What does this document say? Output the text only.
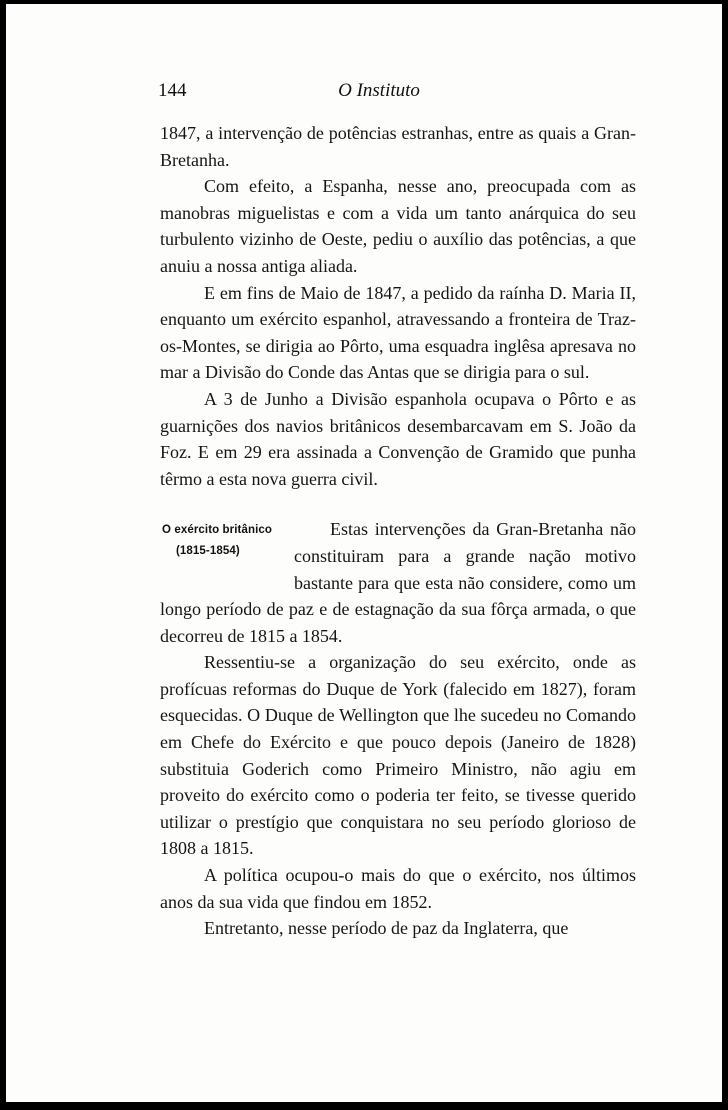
144	O Instituto

1847, a intervenção de potências estranhas, entre as quais a Gran-Bretanha.

Com efeito, a Espanha, nesse ano, preocupada com as manobras miguelistas e com a vida um tanto anárquica do seu turbulento vizinho de Oeste, pediu o auxílio das potências, a que anuiu a nossa antiga aliada.

E em fins de Maio de 1847, a pedido da raínha D. Maria II, enquanto um exército espanhol, atravessando a fronteira de Traz-os-Montes, se dirigia ao Pôrto, uma esquadra inglêsa apresava no mar a Divisão do Conde das Antas que se dirigia para o sul.

A 3 de Junho a Divisão espanhola ocupava o Pôrto e as guarnições dos navios britânicos desembarcavam em S. João da Foz. E em 29 era assinada a Convenção de Gramido que punha têrmo a esta nova guerra civil.

O exército britânico
(1815-1854)

Estas intervenções da Gran-Bretanha não constituiram para a grande nação motivo bastante para que esta não considere, como um longo período de paz e de estagnação da sua fôrça armada, o que decorreu de 1815 a 1854.

Ressentiu-se a organização do seu exército, onde as profícuas reformas do Duque de York (falecido em 1827), foram esquecidas. O Duque de Wellington que lhe sucedeu no Comando em Chefe do Exército e que pouco depois (Janeiro de 1828) substituia Goderich como Primeiro Ministro, não agiu em proveito do exército como o poderia ter feito, se tivesse querido utilizar o prestígio que conquistara no seu período glorioso de 1808 a 1815.

A política ocupou-o mais do que o exército, nos últimos anos da sua vida que findou em 1852.

Entretanto, nesse período de paz da Inglaterra, que
